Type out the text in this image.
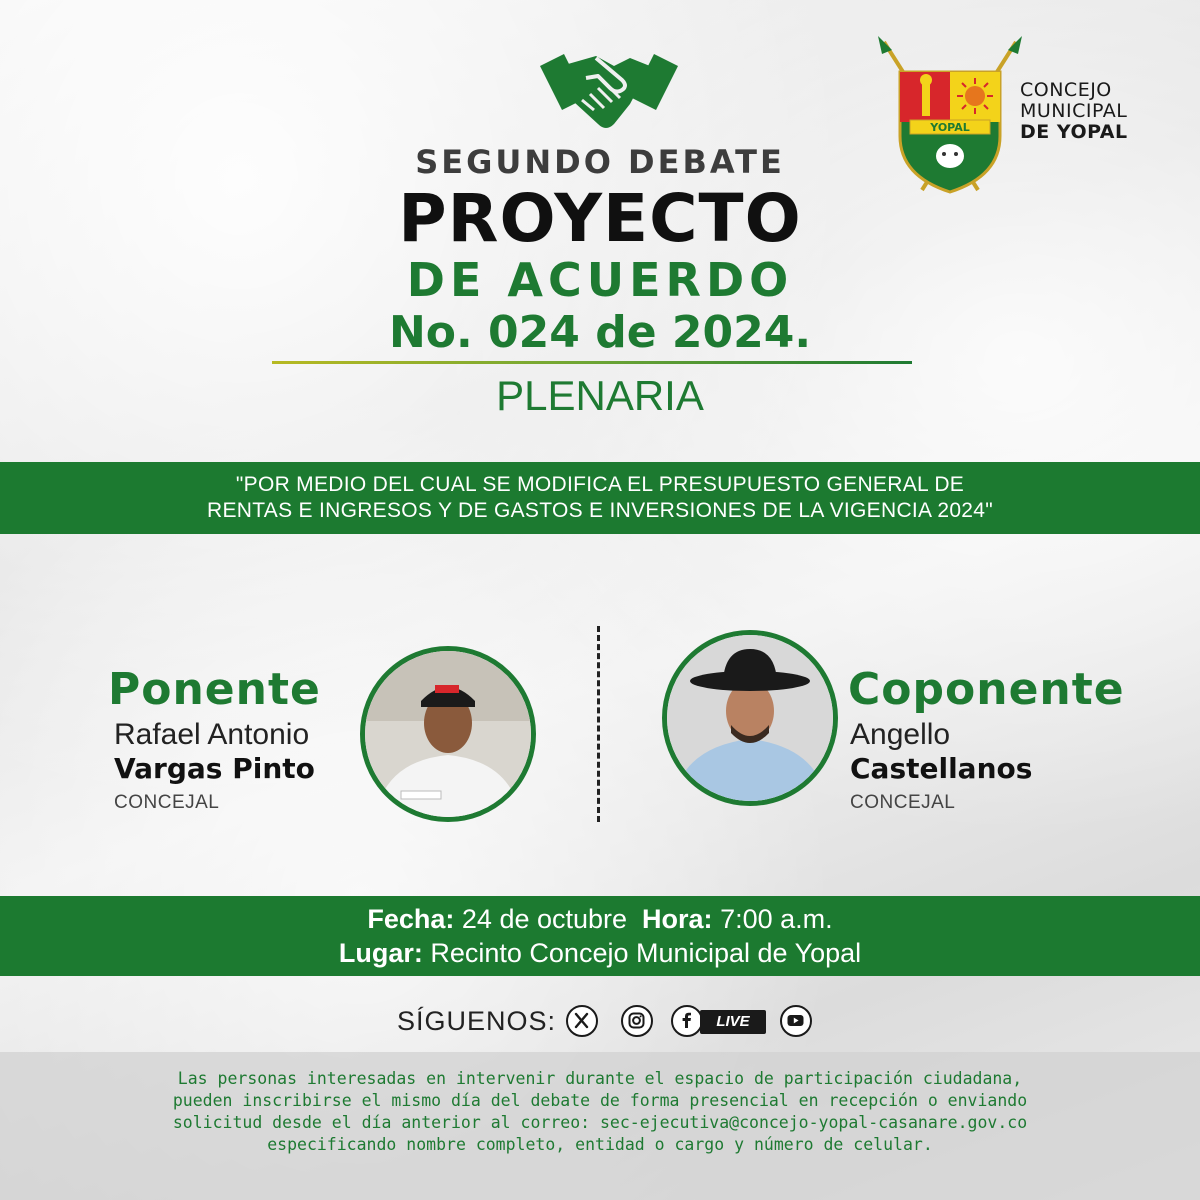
SEGUNDO DEBATE
PROYECTO
DE ACUERDO
No. 024 de 2024.
PLENARIA
YOPAL
CONCEJO
MUNICIPAL
DE YOPAL
"POR MEDIO DEL CUAL SE MODIFICA EL PRESUPUESTO GENERAL DE
RENTAS E INGRESOS Y DE GASTOS E INVERSIONES DE LA VIGENCIA 2024"
Ponente
Rafael Antonio
Vargas Pinto
CONCEJAL
Coponente
Angello
Castellanos
CONCEJAL
Fecha: 24 de octubre Hora: 7:00 a.m.
Lugar: Recinto Concejo Municipal de Yopal
SÍGUENOS:	LIVE
Las personas interesadas en intervenir durante el espacio de participación ciudadana,
pueden inscribirse el mismo día del debate de forma presencial en recepción o enviando
solicitud desde el día anterior al correo: sec-ejecutiva@concejo-yopal-casanare.gov.co
especificando nombre completo, entidad o cargo y número de celular.
